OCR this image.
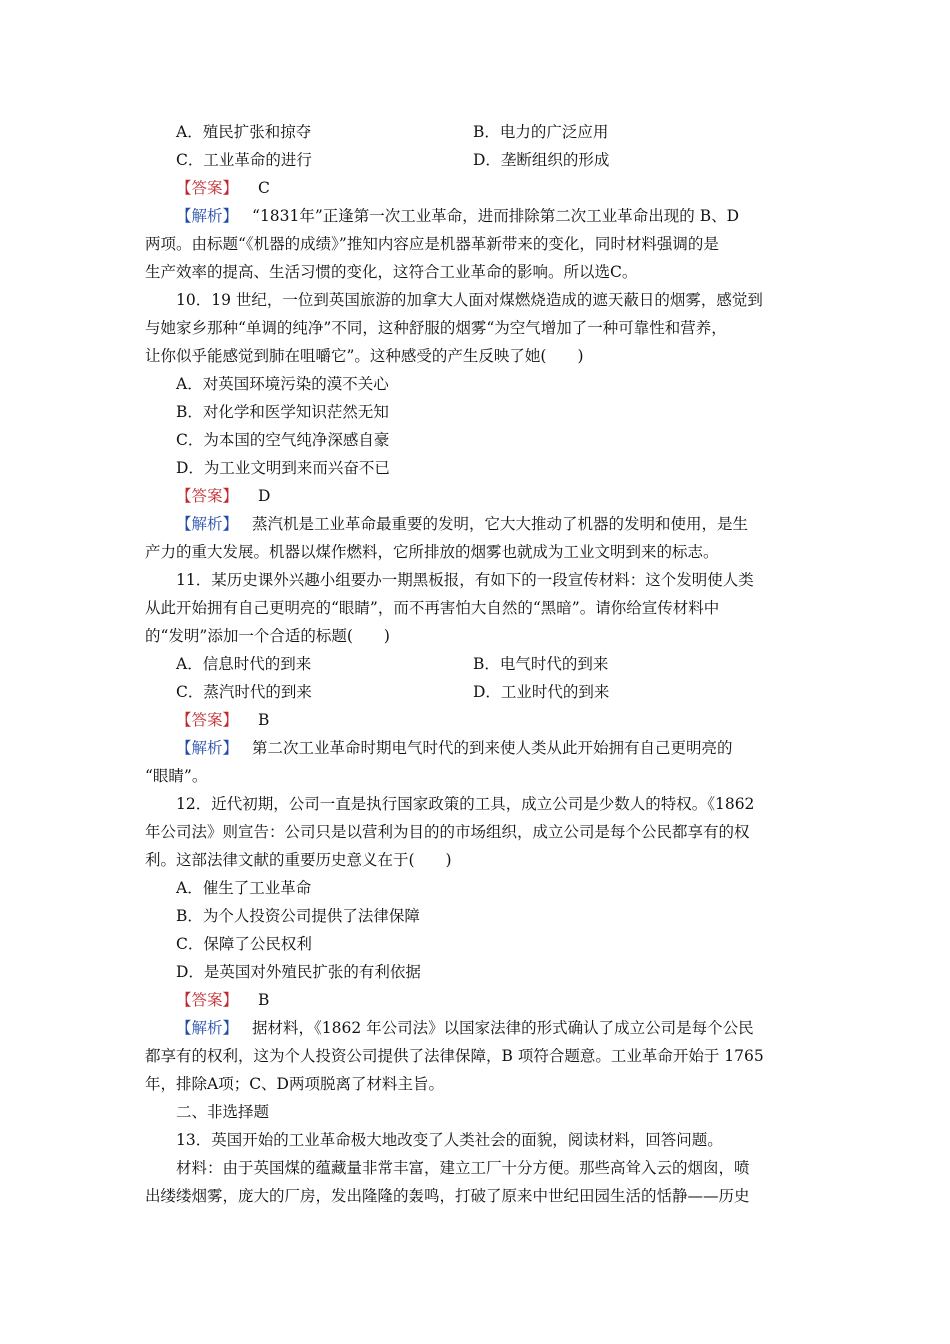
A．殖民扩张和掠夺	B．电力的广泛应用
C．工业革命的进行	D．垄断组织的形成
【答案】 C
【解析】 “1831年”正逢第一次工业革命，进而排除第二次工业革命出现的 B、D
两项。由标题“《机器的成绩》”推知内容应是机器革新带来的变化，同时材料强调的是
生产效率的提高、生活习惯的变化，这符合工业革命的影响。所以选C。
10．19 世纪，一位到英国旅游的加拿大人面对煤燃烧造成的遮天蔽日的烟雾，感觉到
与她家乡那种“单调的纯净”不同，这种舒服的烟雾“为空气增加了一种可靠性和营养，
让你似乎能感觉到肺在咀嚼它”。这种感受的产生反映了她(　　)
A．对英国环境污染的漠不关心
B．对化学和医学知识茫然无知
C．为本国的空气纯净深感自豪
D．为工业文明到来而兴奋不已
【答案】 D
【解析】 蒸汽机是工业革命最重要的发明，它大大推动了机器的发明和使用，是生
产力的重大发展。机器以煤作燃料，它所排放的烟雾也就成为工业文明到来的标志。
11．某历史课外兴趣小组要办一期黑板报，有如下的一段宣传材料：这个发明使人类
从此开始拥有自己更明亮的“眼睛”，而不再害怕大自然的“黑暗”。请你给宣传材料中
的“发明”添加一个合适的标题(　　)
A．信息时代的到来	B．电气时代的到来
C．蒸汽时代的到来	D．工业时代的到来
【答案】 B
【解析】 第二次工业革命时期电气时代的到来使人类从此开始拥有自己更明亮的
“眼睛”。
12．近代初期，公司一直是执行国家政策的工具，成立公司是少数人的特权。《1862
年公司法》则宣告：公司只是以营利为目的的市场组织，成立公司是每个公民都享有的权
利。这部法律文献的重要历史意义在于(　　)
A．催生了工业革命
B．为个人投资公司提供了法律保障
C．保障了公民权利
D．是英国对外殖民扩张的有利依据
【答案】 B
【解析】 据材料，《1862 年公司法》以国家法律的形式确认了成立公司是每个公民
都享有的权利，这为个人投资公司提供了法律保障，B 项符合题意。工业革命开始于 1765
年，排除A项；C、D两项脱离了材料主旨。
二、非选择题
13．英国开始的工业革命极大地改变了人类社会的面貌，阅读材料，回答问题。
材料：由于英国煤的蕴藏量非常丰富，建立工厂十分方便。那些高耸入云的烟囱，喷
出缕缕烟雾，庞大的厂房，发出隆隆的轰鸣，打破了原来中世纪田园生活的恬静——历史
